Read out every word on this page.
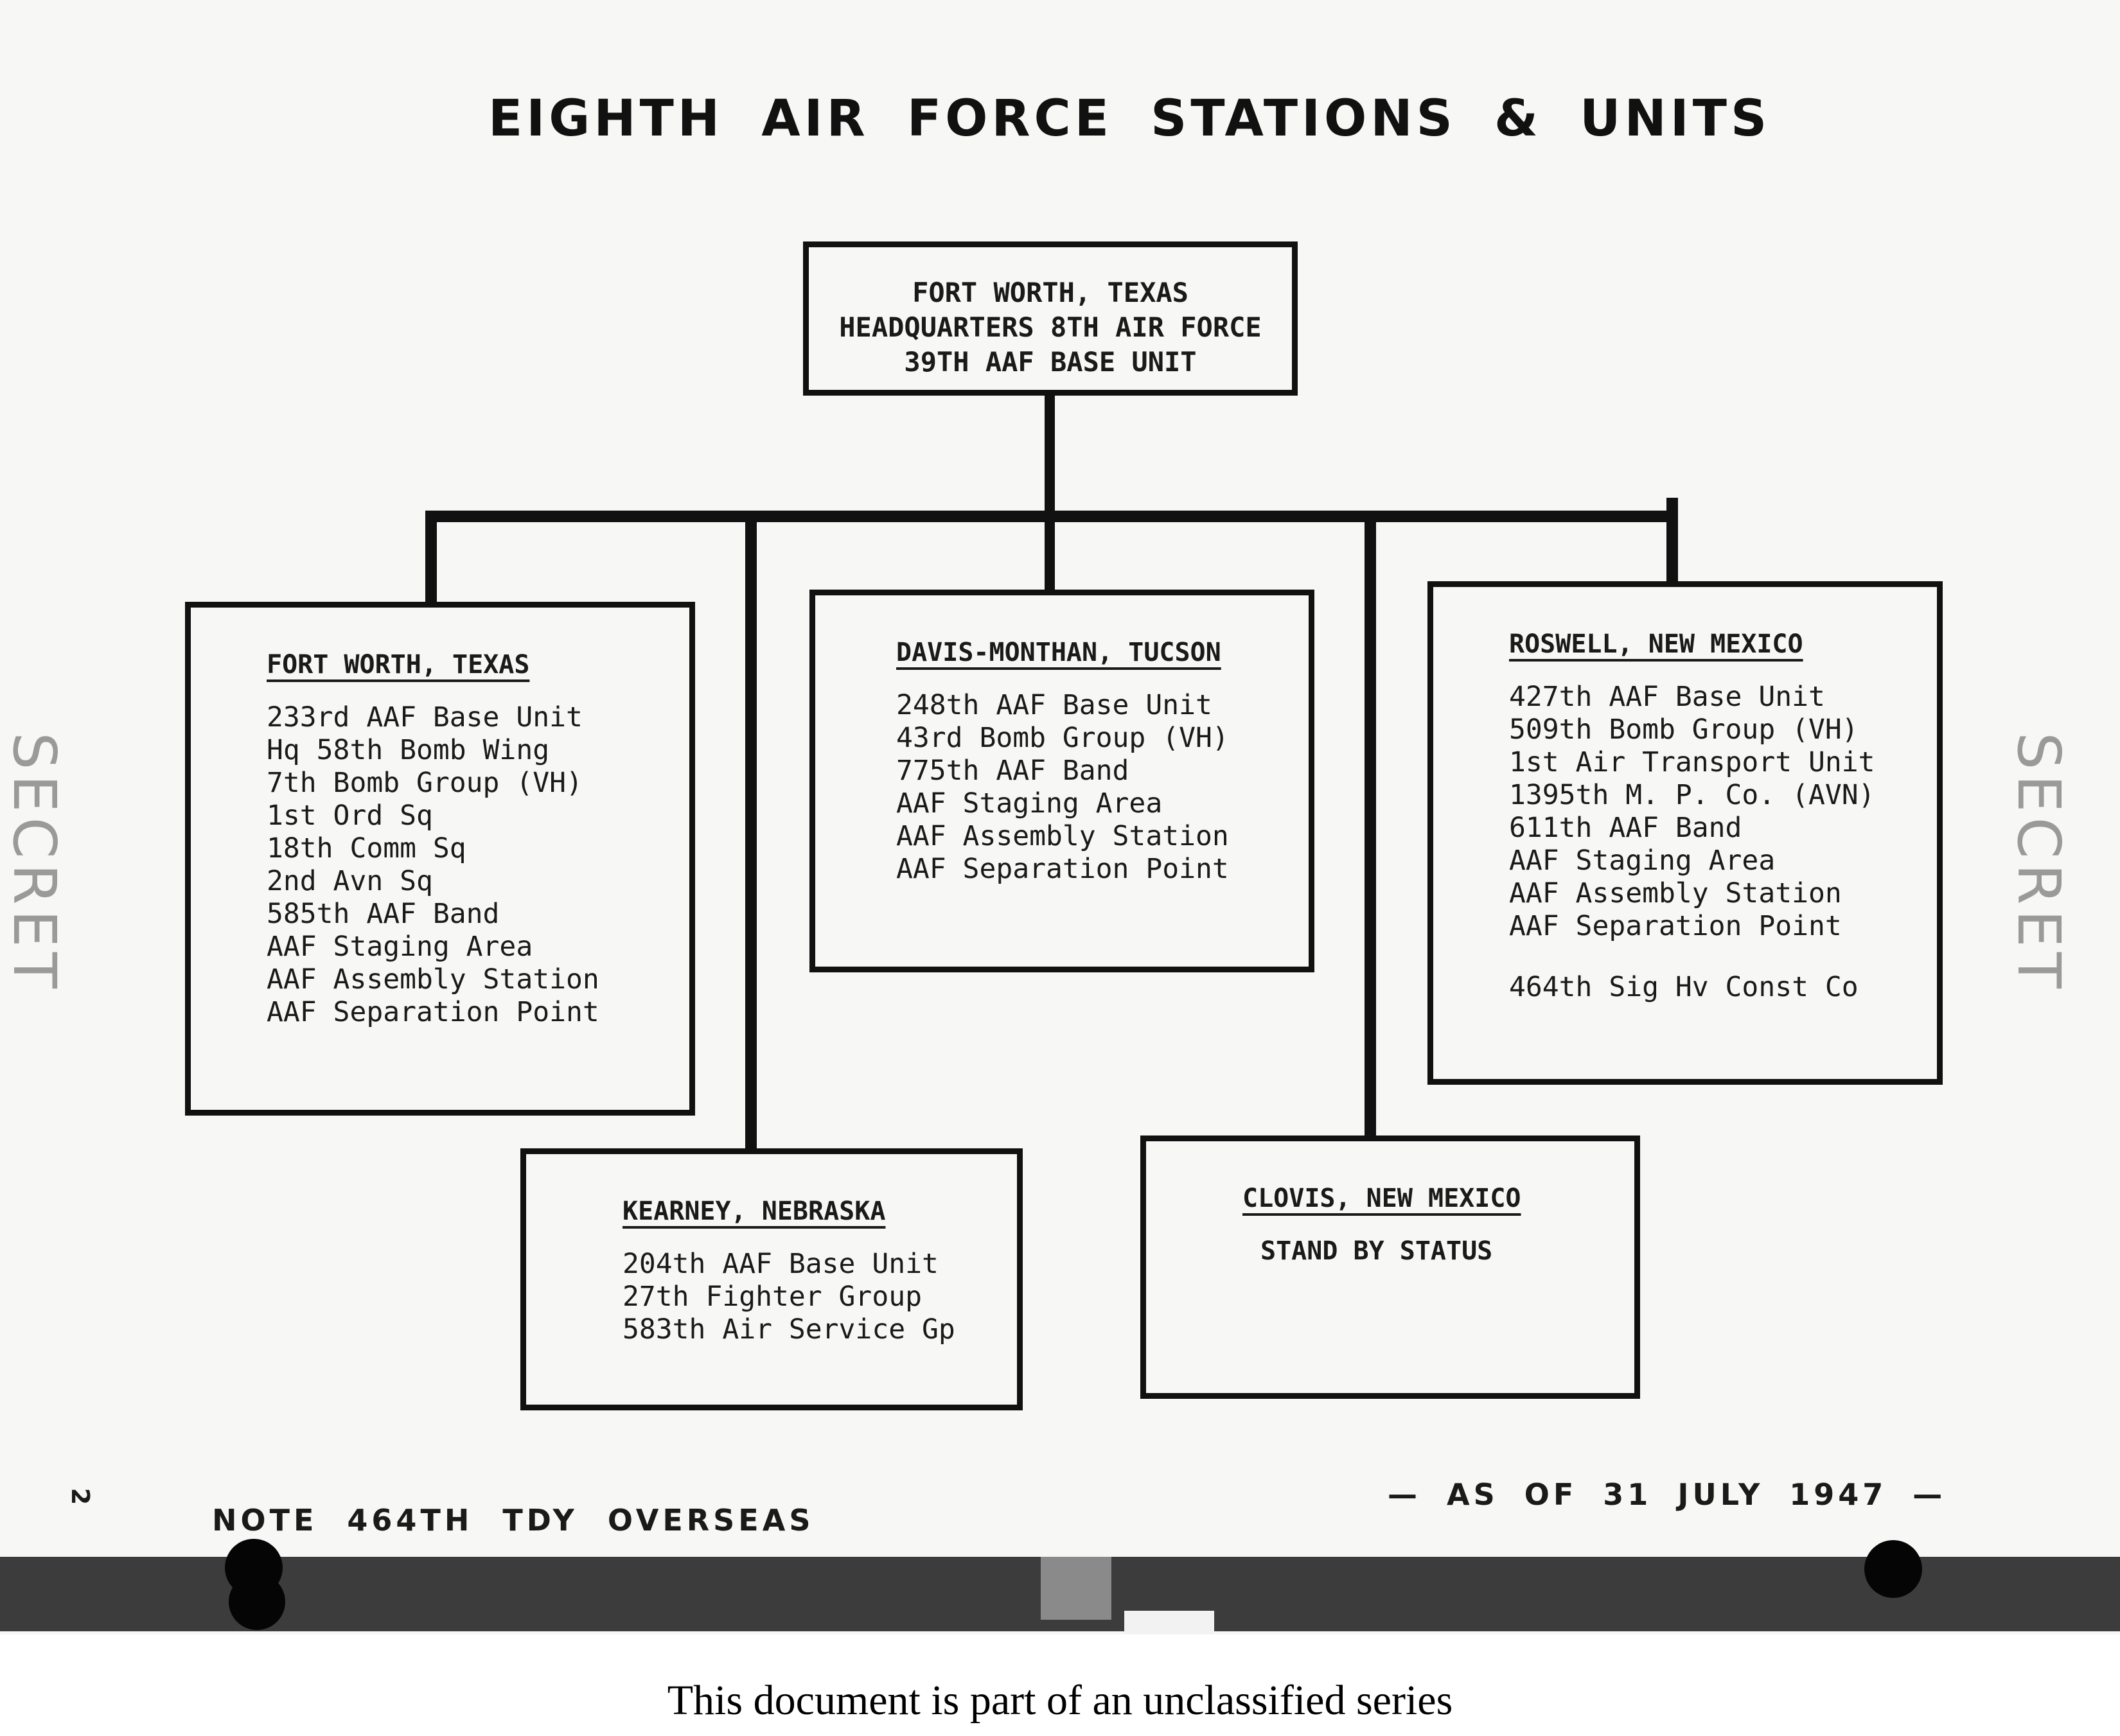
EIGHTH AIR FORCE STATIONS & UNITS
FORT WORTH, TEXAS
HEADQUARTERS 8TH AIR FORCE
39TH AAF BASE UNIT
FORT WORTH, TEXAS
233rd AAF Base Unit
Hq 58th Bomb Wing
7th Bomb Group (VH)
1st Ord Sq
18th Comm Sq
2nd Avn Sq
585th AAF Band
AAF Staging Area
AAF Assembly Station
AAF Separation Point
DAVIS-MONTHAN, TUCSON
248th AAF Base Unit
43rd Bomb Group (VH)
775th AAF Band
AAF Staging Area
AAF Assembly Station
AAF Separation Point
ROSWELL, NEW MEXICO
427th AAF Base Unit
509th Bomb Group (VH)
1st Air Transport Unit
1395th M. P. Co. (AVN)
611th AAF Band
AAF Staging Area
AAF Assembly Station
AAF Separation Point
464th Sig Hv Const Co
KEARNEY, NEBRASKA
204th AAF Base Unit
27th Fighter Group
583th Air Service Gp
CLOVIS, NEW MEXICO
STAND BY STATUS
SECRET	SECRET
2
NOTE 464TH TDY OVERSEAS
— AS OF 31 JULY 1947 —
This document is part of an unclassified series
